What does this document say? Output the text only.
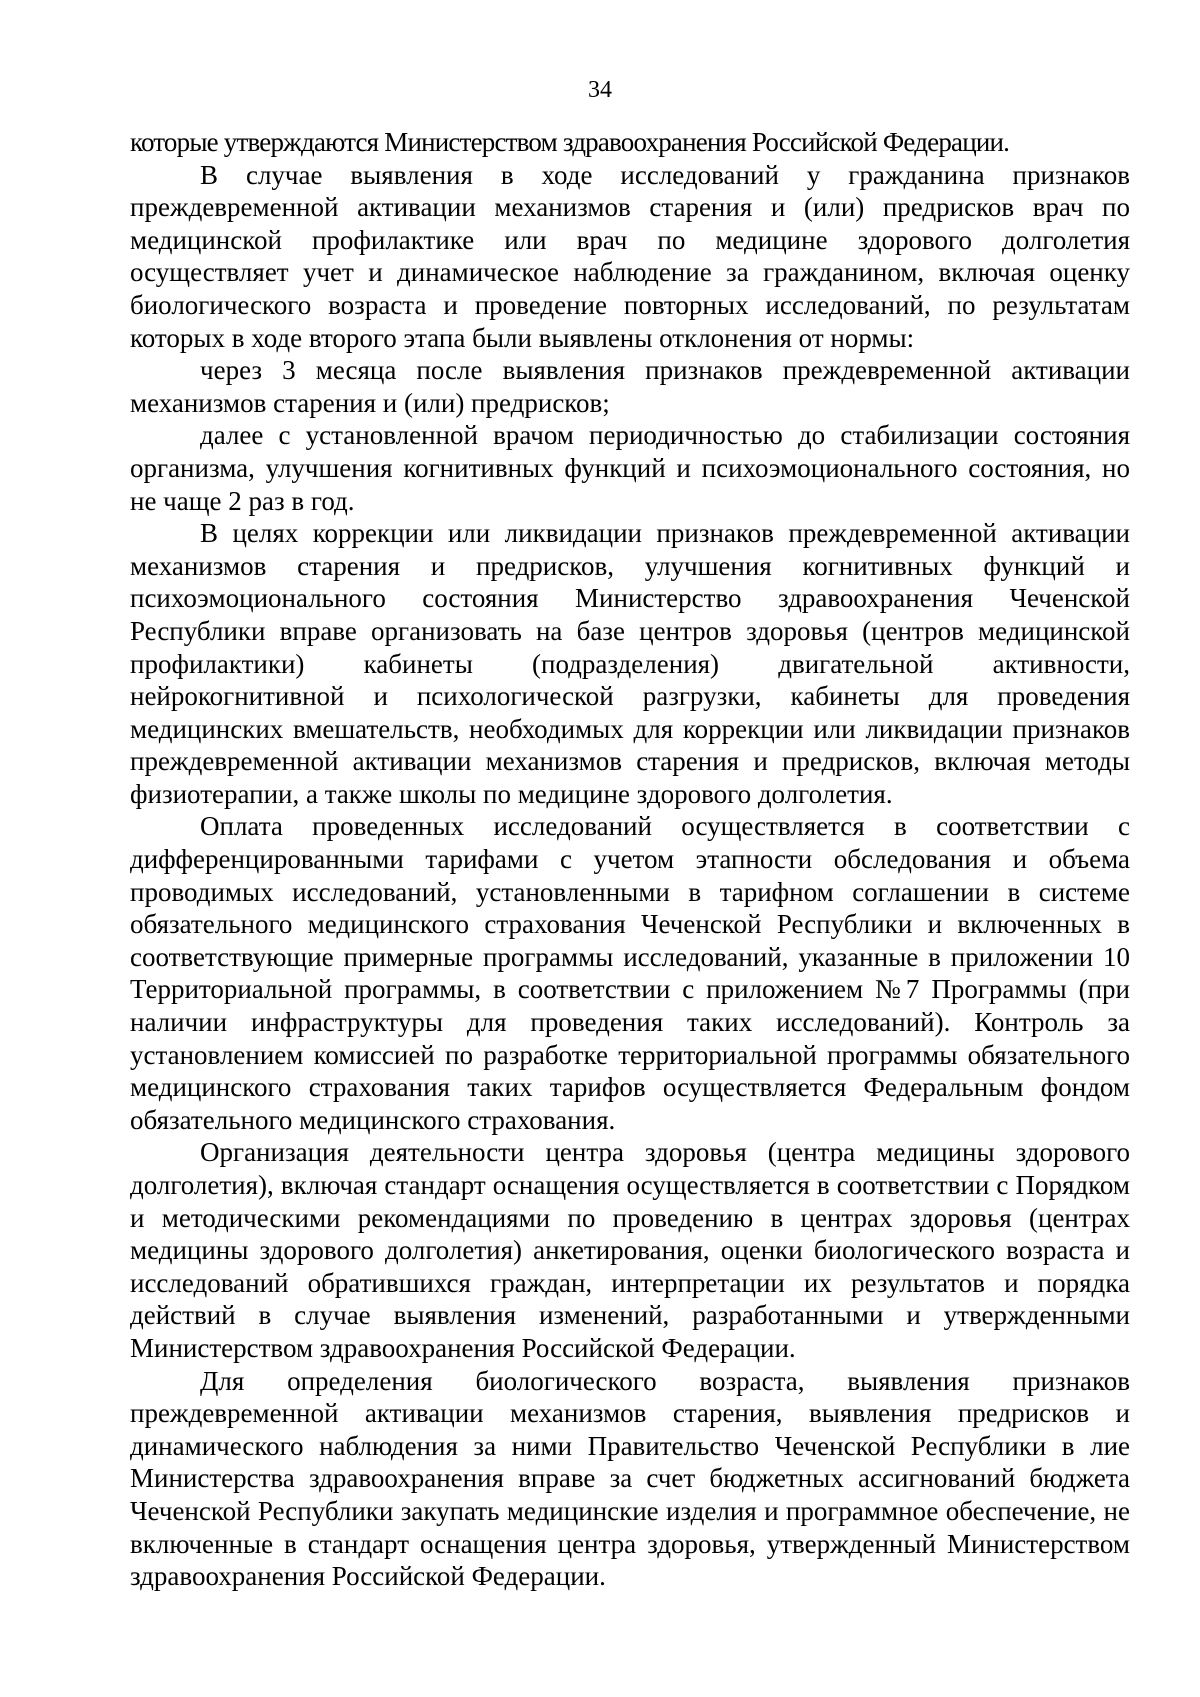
34

которые утверждаются Министерством здравоохранения Российской Федерации.

В случае выявления в ходе исследований у гражданина признаков преждевременной активации механизмов старения и (или) предрисков врач по медицинской профилактике или врач по медицине здорового долголетия осуществляет учет и динамическое наблюдение за гражданином, включая оценку биологического возраста и проведение повторных исследований, по результатам которых в ходе второго этапа были выявлены отклонения от нормы:

через 3 месяца после выявления признаков преждевременной активации механизмов старения и (или) предрисков;

далее с установленной врачом периодичностью до стабилизации состояния организма, улучшения когнитивных функций и психоэмоционального состояния, но не чаще 2 раз в год.

В целях коррекции или ликвидации признаков преждевременной активации механизмов старения и предрисков, улучшения когнитивных функций и психоэмоционального состояния Министерство здравоохранения Чеченской Республики вправе организовать на базе центров здоровья (центров медицинской профилактики) кабинеты (подразделения) двигательной активности, нейрокогнитивной и психологической разгрузки, кабинеты для проведения медицинских вмешательств, необходимых для коррекции или ликвидации признаков преждевременной активации механизмов старения и предрисков, включая методы физиотерапии, а также школы по медицине здорового долголетия.

Оплата проведенных исследований осуществляется в соответствии с дифференцированными тарифами с учетом этапности обследования и объема проводимых исследований, установленными в тарифном соглашении в системе обязательного медицинского страхования Чеченской Республики и включенных в соответствующие примерные программы исследований, указанные в приложении 10 Территориальной программы, в соответствии с приложением №7 Программы (при наличии инфраструктуры для проведения таких исследований). Контроль за установлением комиссией по разработке территориальной программы обязательного медицинского страхования таких тарифов осуществляется Федеральным фондом обязательного медицинского страхования.

Организация деятельности центра здоровья (центра медицины здорового долголетия), включая стандарт оснащения осуществляется в соответствии с Порядком и методическими рекомендациями по проведению в центрах здоровья (центрах медицины здорового долголетия) анкетирования, оценки биологического возраста и исследований обратившихся граждан, интерпретации их результатов и порядка действий в случае выявления изменений, разработанными и утвержденными Министерством здравоохранения Российской Федерации.

Для определения биологического возраста, выявления признаков преждевременной активации механизмов старения, выявления предрисков и динамического наблюдения за ними Правительство Чеченской Республики в лие Министерства здравоохранения вправе за счет бюджетных ассигнований бюджета Чеченской Республики закупать медицинские изделия и программное обеспечение, не включенные в стандарт оснащения центра здоровья, утвержденный Министерством здравоохранения Российской Федерации.
